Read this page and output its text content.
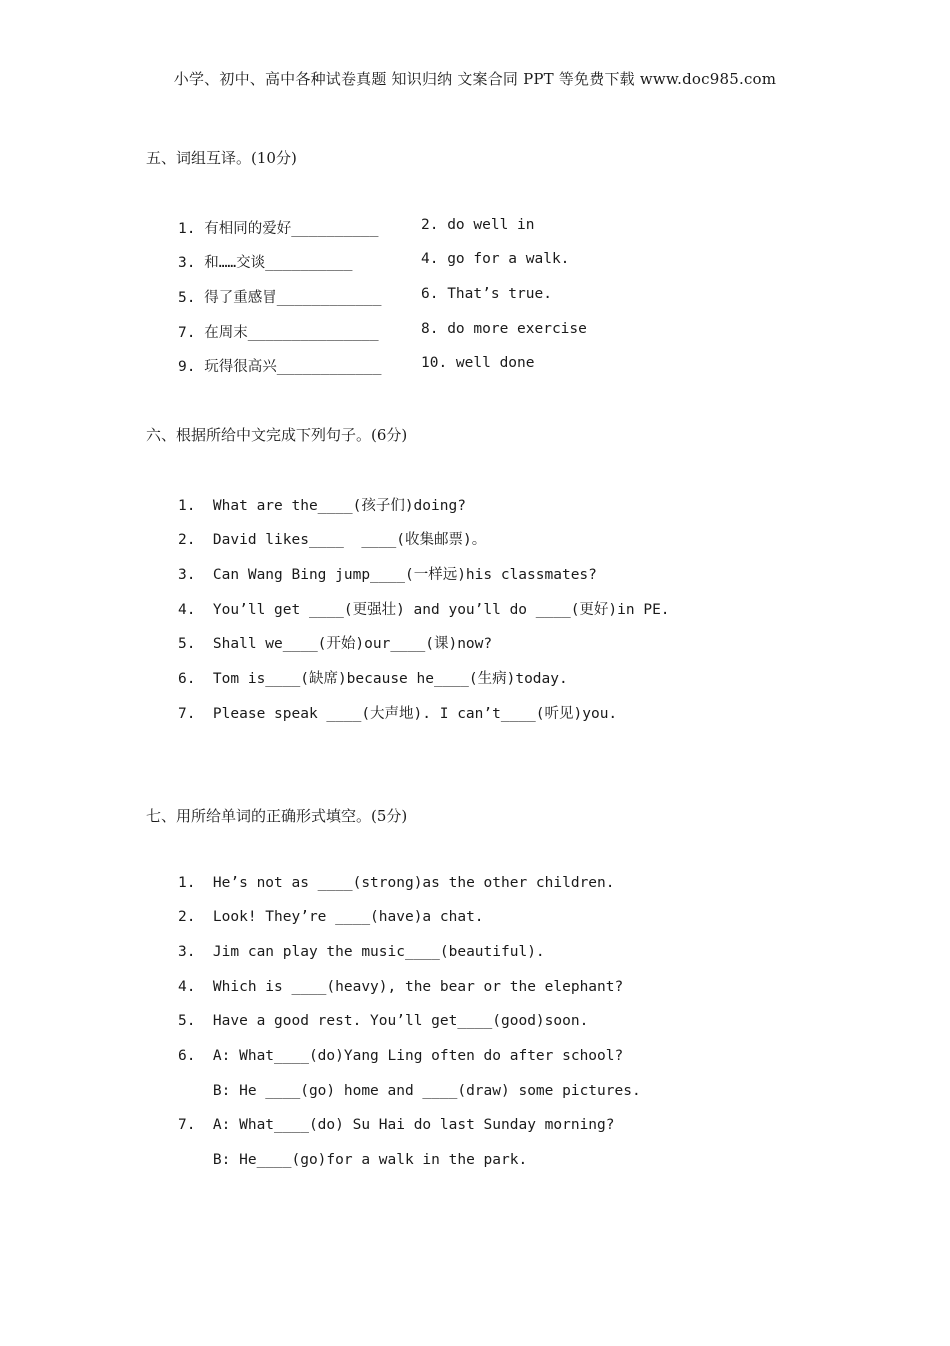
小学、初中、高中各种试卷真题 知识归纳 文案合同 PPT 等免费下载 www.doc985.com
五、词组互译。(10分)
1. 有相同的爱好__________	2. do well in
3. 和……交谈__________	4. go for a walk.
5. 得了重感冒____________	6. That’s true.
7. 在周末_______________	8. do more exercise
9. 玩得很高兴____________	10. well done
六、根据所给中文完成下列句子。(6分)
1.  What are the____(孩子们)doing?
2.  David likes____  ____(收集邮票)。
3.  Can Wang Bing jump____(一样远)his classmates?
4.  You’ll get ____(更强壮) and you’ll do ____(更好)in PE.
5.  Shall we____(开始)our____(课)now?
6.  Tom is____(缺席)because he____(生病)today.
7.  Please speak ____(大声地). I can’t____(听见)you.
七、用所给单词的正确形式填空。(5分)
1.  He’s not as ____(strong)as the other children.
2.  Look! They’re ____(have)a chat.
3.  Jim can play the music____(beautiful).
4.  Which is ____(heavy), the bear or the elephant?
5.  Have a good rest. You’ll get____(good)soon.
6.  A: What____(do)Yang Ling often do after school?
B: He ____(go) home and ____(draw) some pictures.
7.  A: What____(do) Su Hai do last Sunday morning?
B: He____(go)for a walk in the park.
